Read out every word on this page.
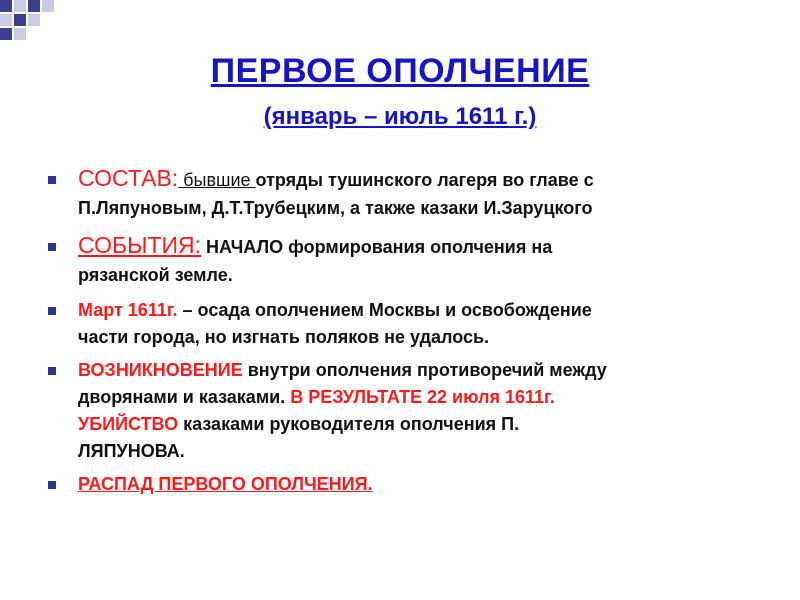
ПЕРВОЕ ОПОЛЧЕНИЕ
(январь – июль 1611 г.)
СОСТАВ: бывшие отряды тушинского лагеря во главе с
П.Ляпуновым, Д.Т.Трубецким, а также казаки И.Заруцкого
СОБЫТИЯ: НАЧАЛО формирования ополчения на
рязанской земле.
Март 1611г. – осада ополчением Москвы и освобождение
части города, но изгнать поляков не удалось.
ВОЗНИКНОВЕНИЕ внутри ополчения противоречий между
дворянами и казаками. В РЕЗУЛЬТАТЕ 22 июля 1611г.
УБИЙСТВО казаками руководителя ополчения П.
ЛЯПУНОВА.
РАСПАД ПЕРВОГО ОПОЛЧЕНИЯ.
